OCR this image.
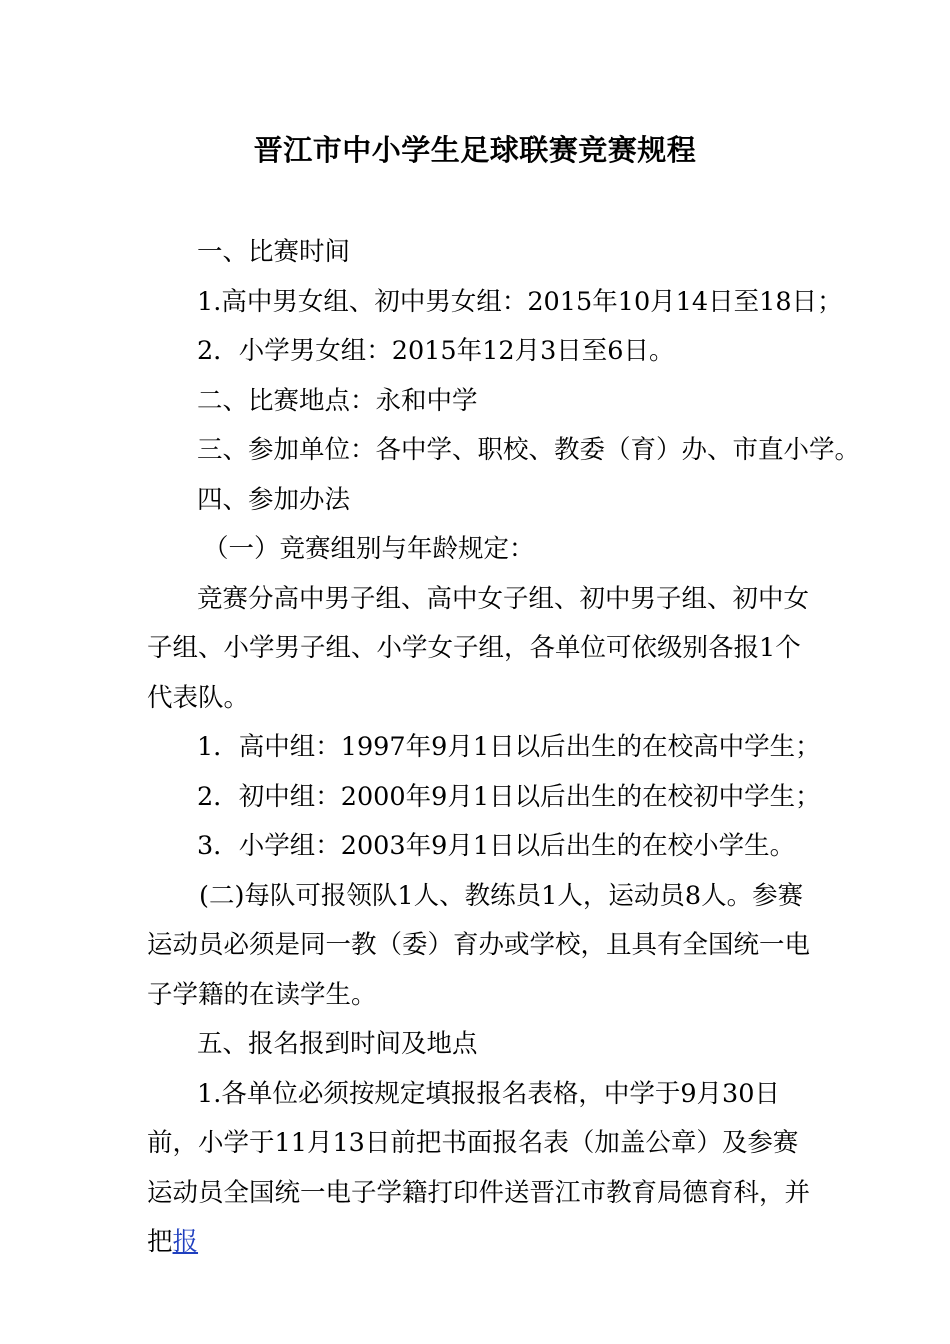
晋江市中小学生足球联赛竞赛规程

一、比赛时间

1.高中男女组、初中男女组：2015年10月14日至18日；

2．小学男女组：2015年12月3日至6日。

二、比赛地点：永和中学

三、参加单位：各中学、职校、教委（育）办、市直小学。

四、参加办法

（一）竞赛组别与年龄规定：

竞赛分高中男子组、高中女子组、初中男子组、初中女子组、小学男子组、小学女子组，各单位可依级别各报1个代表队。

1．高中组：1997年9月1日以后出生的在校高中学生；

2．初中组：2000年9月1日以后出生的在校初中学生；

3．小学组：2003年9月1日以后出生的在校小学生。

(二)每队可报领队1人、教练员1人，运动员8人。参赛运动员必须是同一教（委）育办或学校，且具有全国统一电子学籍的在读学生。

五、报名报到时间及地点

1.各单位必须按规定填报报名表格，中学于9月30日前，小学于11月13日前把书面报名表（加盖公章）及参赛运动员全国统一电子学籍打印件送晋江市教育局德育科，并把报
